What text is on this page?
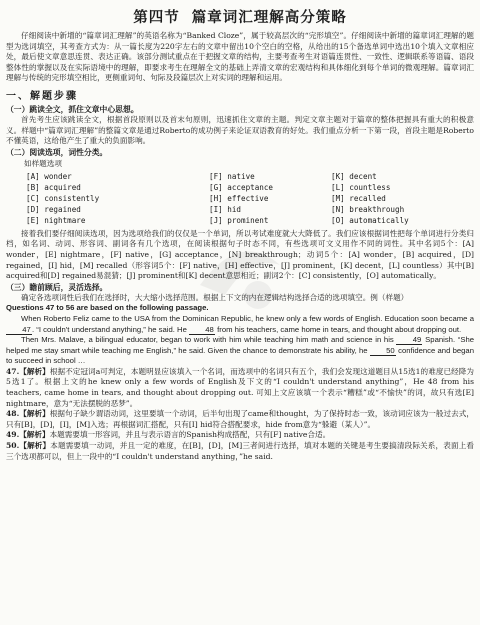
第四节 篇章词汇理解高分策略

仔细阅读中新增的“篇章词汇理解”的英语名称为“Banked Cloze”，属于较高层次的“完形填空”。仔细阅读中新增的篇章词汇理解的题型为选词填空，其考查方式为：从一篇长度为220字左右的文章中留出10个空白的空格，从给出的15个备选单词中选出10个填入文章相应处，最后使文章意思连贯、表达正确。该部分测试重点在于把握文章的结构，主要考查考生对语篇连贯性、一致性、逻辑联系等语篇、语段整体性的掌握以及在实际语境中的理解，即要求考生在理解全文的基础上弄清文章的宏观结构和具体细化到每个单词的微观理解。篇章词汇理解与传统的完形填空相比，更侧重词句、句际及段篇层次上对实词的理解和运用。

一、解题步骤
（一）跳读全文，抓住文章中心思想。

首先考生应该跳读全文，根据首段原则以及首末句原则，迅速抓住文章的主题。判定文章主题对于篇章的整体把握具有重大的积极意义。样题中“篇章词汇理解”的整篇文章是通过Roberto的成功例子来论证双语教育的好处。我们重点分析一下第一段，首段主题是Roberto不懂英语，这给他产生了重大的负面影响。

（二）阅读选项，词性分类。
如样题选项
[A] wonder	[F] native	[K] decent
[B] acquired	[G] acceptance	[L] countless
[C] consistently	[H] effective	[M] recalled
[D] regained	[I] hid	[N] breakthrough
[E] nightmare	[J] prominent	[O] automatically

接着我们要仔细阅读选项，因为选项给我们的仅仅是一个单词，所以考试难度就大大降低了。我们应该根据词性把每个单词进行分类归档，如名词、动词、形容词、副词各有几个选项，在阅读根据句子时态不同，有些选项可文义用作不同的词性。其中名词5个：[A] wonder，[E] nightmare，[F] native，[G] acceptance，[N] breakthrough；动词5个：[A] wonder，[B] acquired，[D] regained，[I] hid，[M] recalled（形容词5个：[F] native，[H] effective，[J] prominent，[K] decent，[L] countless）其中[B] acquired和[D] regained易混猜；[J] prominent和[K] decent意思相近；副词2个：[C] consistently，[O] automatically。

（三）瞻前顾后，灵活选择。

确定各选项词性后我们在选择时，大大缩小选择范围。根据上下文的内在逻辑结构选择合适的选项填空。例（样题）

Questions 47 to 56 are based on the following passage.

When Roberto Feliz came to the USA from the Dominican Republic, he knew only a few words of English. Education soon became a 47. “I couldn't understand anything,” he said. He 48 from his teachers, came home in tears, and thought about dropping out.

Then Mrs. Malave, a bilingual educator, began to work with him while teaching him math and science in his 49 Spanish. “She helped me stay smart while teaching me English,” he said. Given the chance to demonstrate his ability, he 50 confidence and began to succeed in school …

47.【解析】根据不定冠词a可判定，本题明显应该填入一个名词，而选项中的名词只有五个，我们会发现这道题目从15选1的难度已经降为5选1了。根据上文的he knew only a few words of English及下文的“I couldn't understand anything”，He 48 from his teachers, came home in tears, and thought about dropping out. 可知上文应该填一个表示“糟糕”或“不愉快”的词，故只有选[E] nightmare，意为“无法摆脱的恶梦”。

48.【解析】根据句子缺少谓语动词，这里要填一个动词，后半句出现了came和thought，为了保持时态一致，该动词应该为一般过去式，只有[B]，[D]，[I]，[M]入选；再根据词汇搭配，只有[I] hid符合搭配要求，hide from意为“躲避（某人）”。

49.【解析】本题需要填一形容词，并且与表示语言的Spanish构成搭配，只有[F] native合适。

50.【解析】本题需要填一动词，并且一定的难度，在[B]，[D]，[M]三者间进行选择，填对本题的关键是考生要搞清段际关系，表面上看三个选项都可以，但上一段中的“I couldn't understand anything，”he said.
